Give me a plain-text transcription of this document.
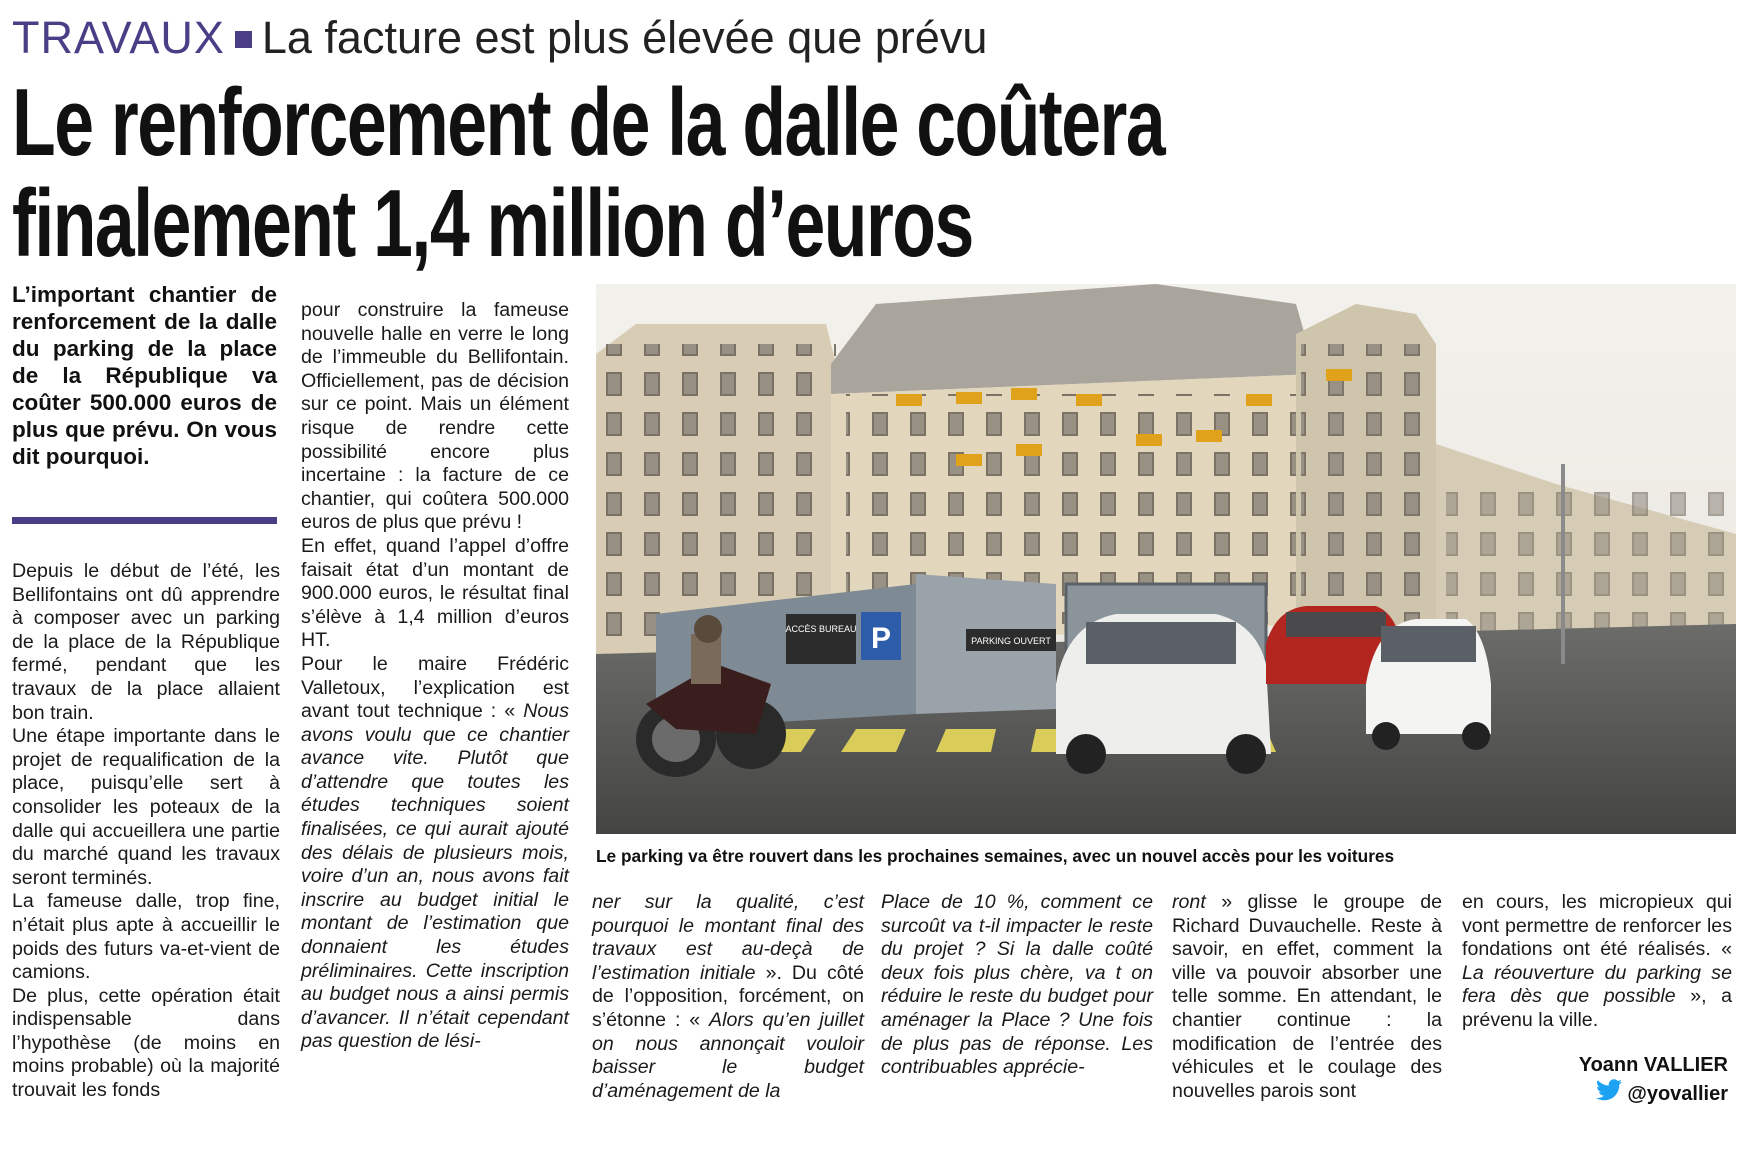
TRAVAUX La facture est plus élevée que prévu
Le renforcement de la dalle coûtera
finalement 1,4 million d’euros

L’important chantier de renforcement de la dalle du parking de la place de la République va coûter 500.000 euros de plus que prévu. On vous dit pourquoi.

Depuis le début de l’été, les Bellifontains ont dû apprendre à composer avec un parking de la place de la République fermé, pendant que les travaux de la place allaient bon train.

Une étape importante dans le projet de requalification de la place, puisqu’elle sert à consolider les poteaux de la dalle qui accueillera une partie du marché quand les travaux seront terminés.

La fameuse dalle, trop fine, n’était plus apte à accueillir le poids des futurs va-et-vient de camions.

De plus, cette opération était indispensable dans l’hypothèse (de moins en moins probable) où la majorité trouvait les fonds

pour construire la fameuse nouvelle halle en verre le long de l’immeuble du Bellifontain. Officiellement, pas de décision sur ce point. Mais un élément risque de rendre cette possibilité encore plus incertaine : la facture de ce chantier, qui coûtera 500.000 euros de plus que prévu !

En effet, quand l’appel d’offre faisait état d’un montant de 900.000 euros, le résultat final s’élève à 1,4 million d’euros HT.

Pour le maire Frédéric Valletoux, l’explication est avant tout technique : « Nous avons voulu que ce chantier avance vite. Plutôt que d’attendre que toutes les études techniques soient finalisées, ce qui aurait ajouté des délais de plusieurs mois, voire d’un an, nous avons fait inscrire au budget initial le montant de l’estimation que donnaient les études préliminaires. Cette inscription au budget nous a ainsi permis d’avancer. Il n’était cependant pas question de lési-

ACCÈS BUREAU P	PARKING OUVERT

Le parking va être rouvert dans les prochaines semaines, avec un nouvel accès pour les voitures

ner sur la qualité, c’est pourquoi le montant final des travaux est au-deçà de l’estimation initiale ». Du côté de l’opposition, forcément, on s’étonne : « Alors qu’en juillet on nous annonçait vouloir baisser le budget d’aménagement de la

Place de 10 %, comment ce surcoût va t-il impacter le reste du projet ? Si la dalle coûté deux fois plus chère, va t on réduire le reste du budget pour aménager la Place ? Une fois de plus pas de réponse. Les contribuables apprécie-

ront » glisse le groupe de Richard Duvauchelle. Reste à savoir, en effet, comment la ville va pouvoir absorber une telle somme. En attendant, le chantier continue : la modification de l’entrée des véhicules et le coulage des nouvelles parois sont

en cours, les micropieux qui vont permettre de renforcer les fondations ont été réalisés. « La réouverture du parking se fera dès que possible », a prévenu la ville.

Yoann VALLIER
@yovallier
